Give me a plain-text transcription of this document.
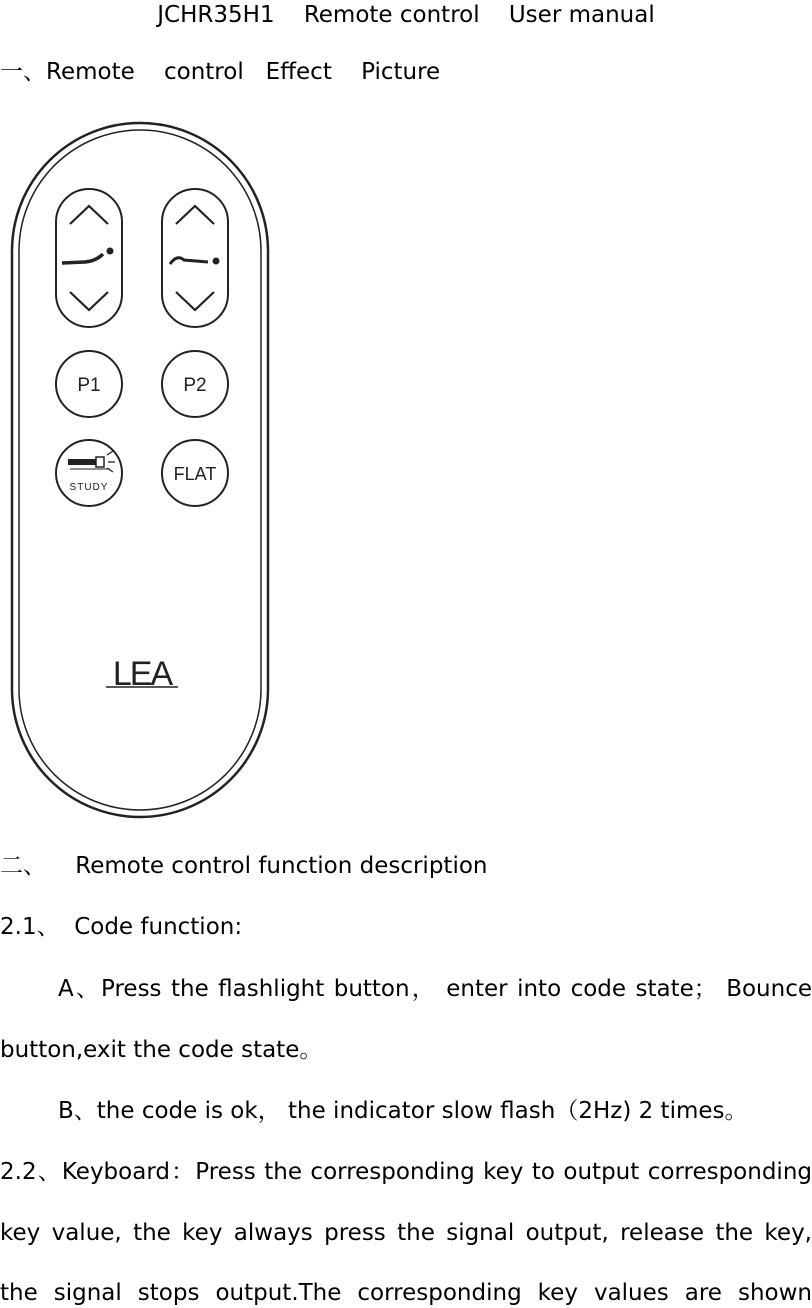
JCHR35H1    Remote control    User manual
一、Remote    control   Effect    Picture
P1	P2
STUDY
FLAT
LEA
二、    Remote control function description
2.1、  Code function:
A、Press the flashlight button， enter into code state； Bounce
button,exit the code state。
B、the code is ok， the indicator slow flash（2Hz) 2 times。
2.2、Keyboard：Press the corresponding key to output corresponding
key value, the key always press the signal output, release the key,
the signal stops output.The corresponding key values are shown
